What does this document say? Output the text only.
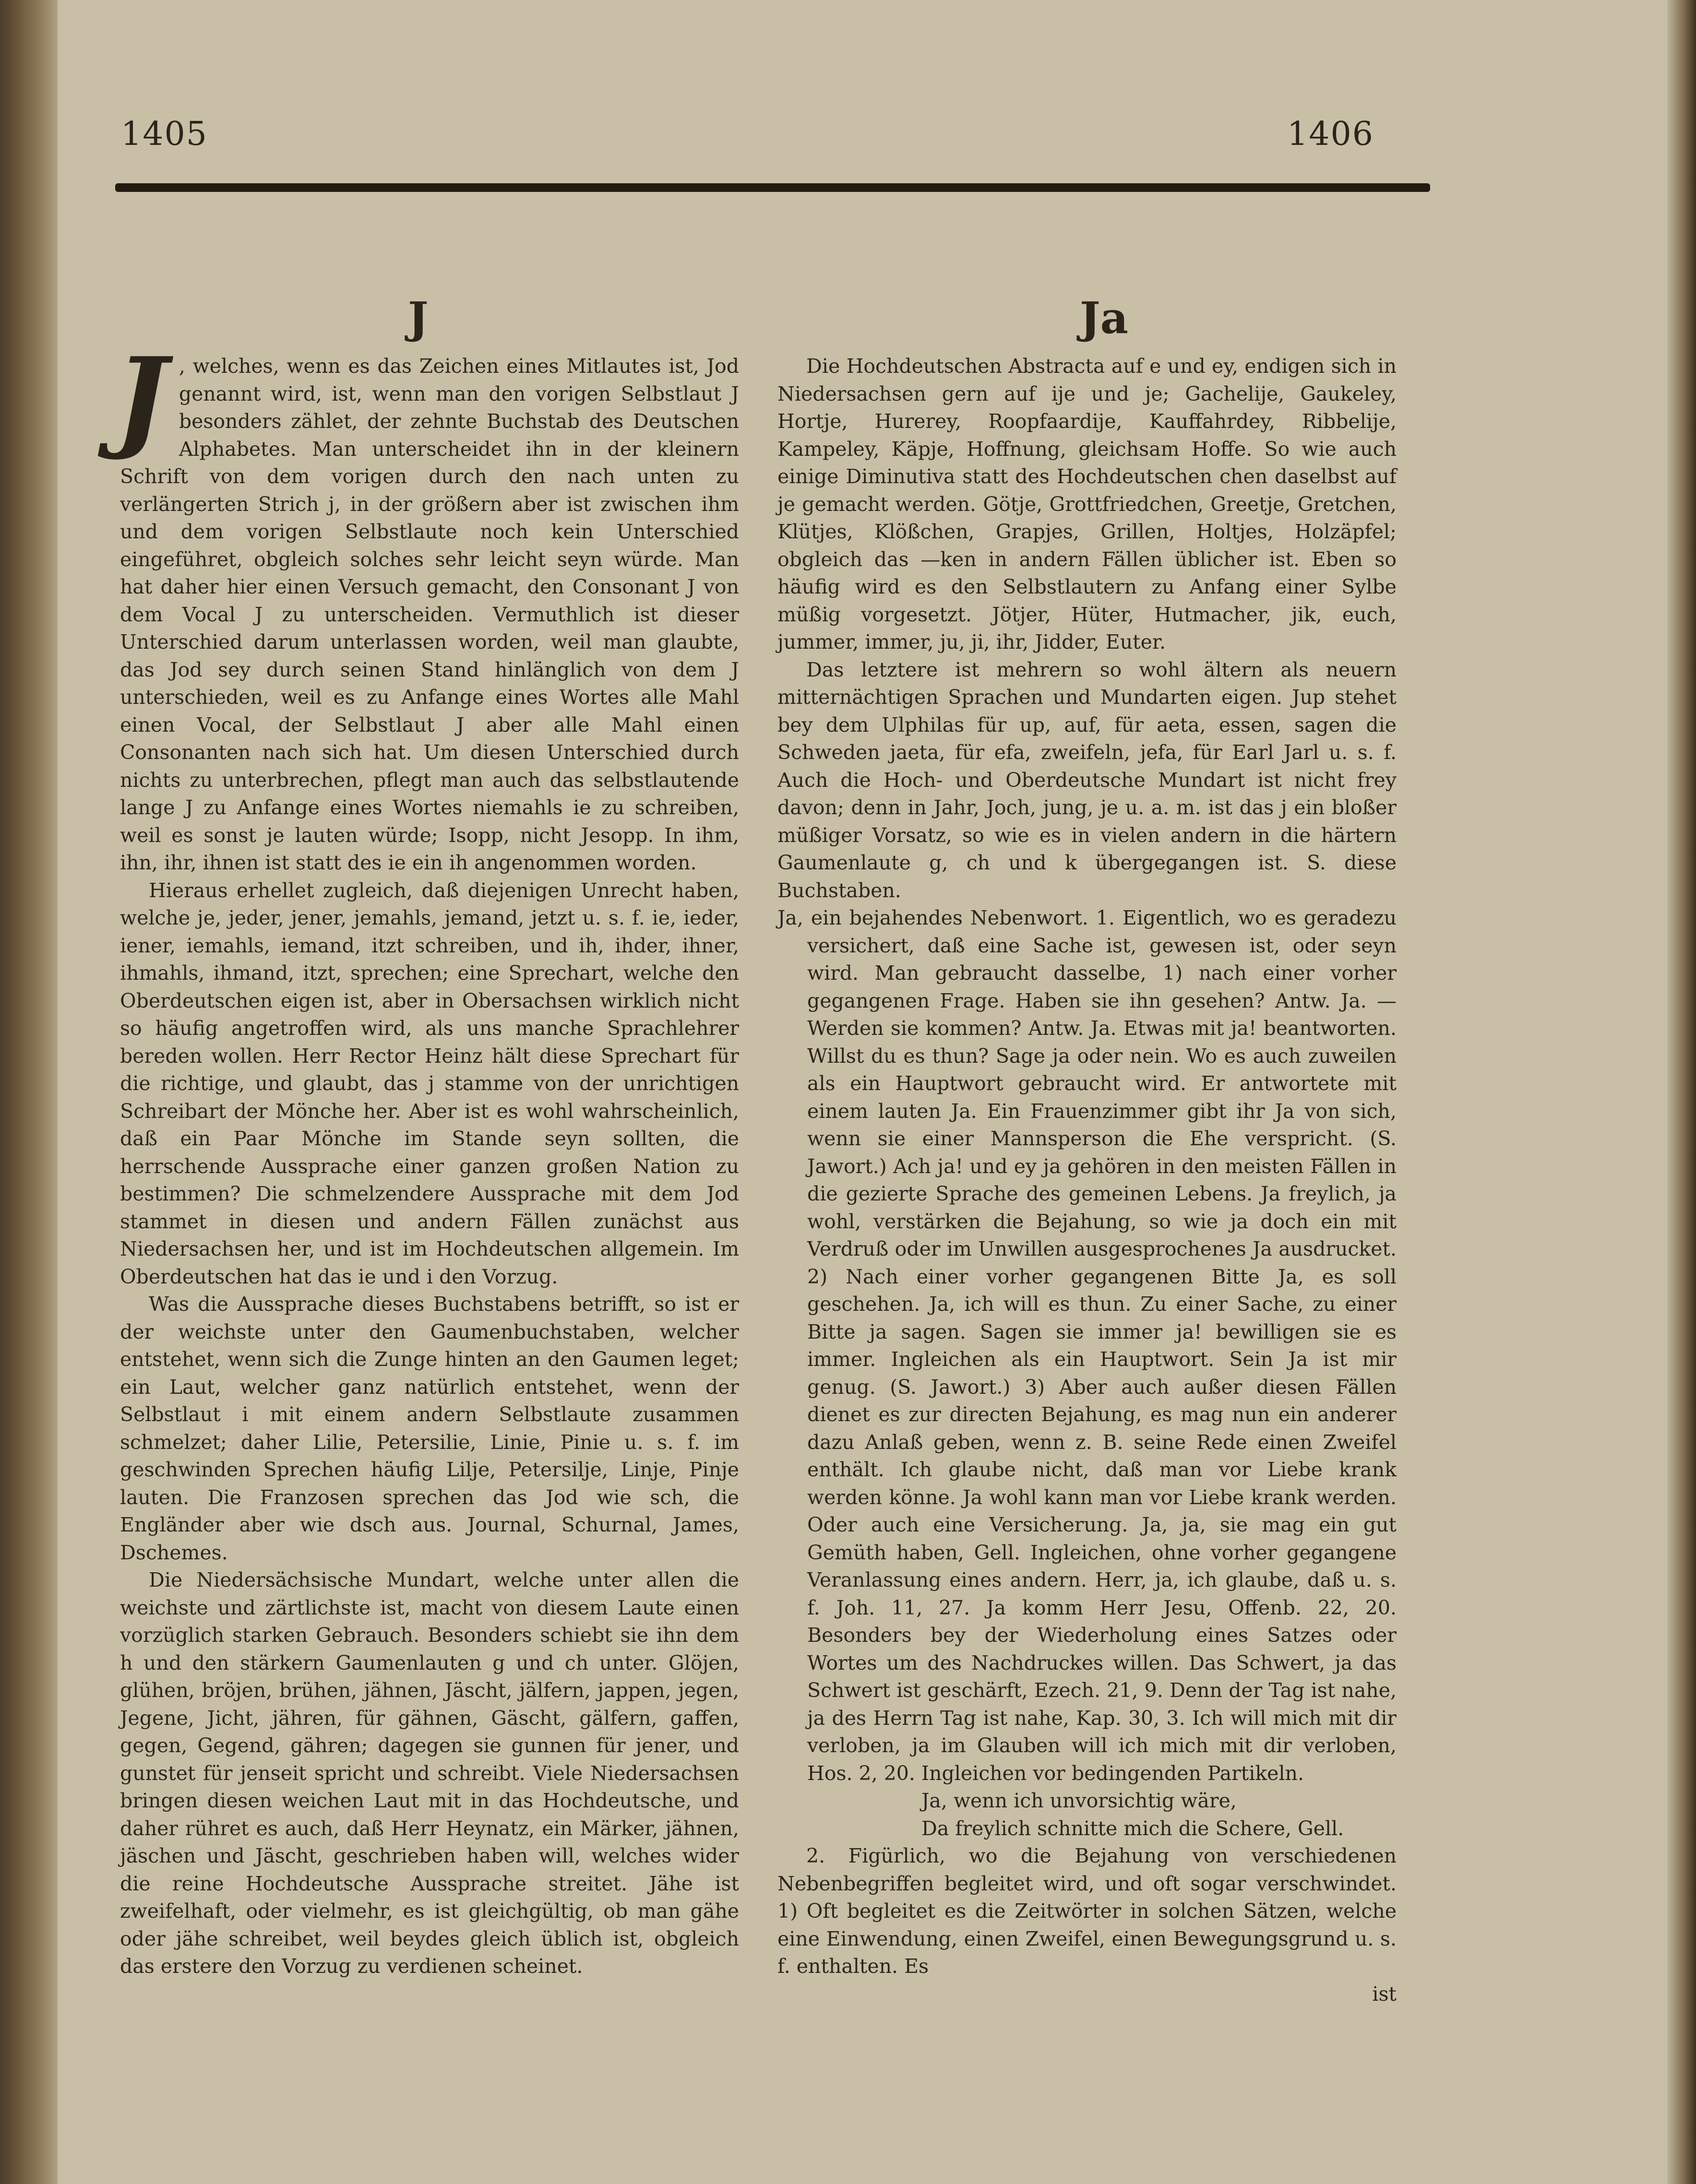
1405	1406
J	Ja

J , welches, wenn es das Zeichen eines Mitlautes ist, Jod genannt wird, ist, wenn man den vorigen Selbstlaut J besonders zählet, der zehnte Buchstab des Deutschen Alphabetes. Man unterscheidet ihn in der kleinern Schrift von dem vorigen durch den nach unten zu verlängerten Strich j, in der größern aber ist zwischen ihm und dem vorigen Selbstlaute noch kein Unterschied eingeführet, obgleich solches sehr leicht seyn würde. Man hat daher hier einen Versuch gemacht, den Consonant J von dem Vocal J zu unterscheiden. Vermuthlich ist dieser Unterschied darum unterlassen worden, weil man glaubte, das Jod sey durch seinen Stand hinlänglich von dem J unterschieden, weil es zu Anfange eines Wortes alle Mahl einen Vocal, der Selbstlaut J aber alle Mahl einen Consonanten nach sich hat. Um diesen Unterschied durch nichts zu unterbrechen, pflegt man auch das selbstlautende lange J zu Anfange eines Wortes niemahls ie zu schreiben, weil es sonst je lauten würde; Isopp, nicht Jesopp. In ihm, ihn, ihr, ihnen ist statt des ie ein ih angenommen worden.

Hieraus erhellet zugleich, daß diejenigen Unrecht haben, welche je, jeder, jener, jemahls, jemand, jetzt u. s. f. ie, ieder, iener, iemahls, iemand, itzt schreiben, und ih, ihder, ihner, ihmahls, ihmand, itzt, sprechen; eine Sprechart, welche den Oberdeutschen eigen ist, aber in Obersachsen wirklich nicht so häufig angetroffen wird, als uns manche Sprachlehrer bereden wollen. Herr Rector Heinz hält diese Sprechart für die richtige, und glaubt, das j stamme von der unrichtigen Schreibart der Mönche her. Aber ist es wohl wahrscheinlich, daß ein Paar Mönche im Stande seyn sollten, die herrschende Aussprache einer ganzen großen Nation zu bestimmen? Die schmelzendere Aussprache mit dem Jod stammet in diesen und andern Fällen zunächst aus Niedersachsen her, und ist im Hochdeutschen allgemein. Im Oberdeutschen hat das ie und i den Vorzug.

Was die Aussprache dieses Buchstabens betrifft, so ist er der weichste unter den Gaumenbuchstaben, welcher entstehet, wenn sich die Zunge hinten an den Gaumen leget; ein Laut, welcher ganz natürlich entstehet, wenn der Selbstlaut i mit einem andern Selbstlaute zusammen schmelzet; daher Lilie, Petersilie, Linie, Pinie u. s. f. im geschwinden Sprechen häufig Lilje, Petersilje, Linje, Pinje lauten. Die Franzosen sprechen das Jod wie sch, die Engländer aber wie dsch aus. Journal, Schurnal, James, Dschemes.

Die Niedersächsische Mundart, welche unter allen die weichste und zärtlichste ist, macht von diesem Laute einen vorzüglich starken Gebrauch. Besonders schiebt sie ihn dem h und den stärkern Gaumenlauten g und ch unter. Glöjen, glühen, bröjen, brühen, jähnen, Jäscht, jälfern, jappen, jegen, Jegene, Jicht, jähren, für gähnen, Gäscht, gälfern, gaffen, gegen, Gegend, gähren; dagegen sie gunnen für jener, und gunstet für jenseit spricht und schreibt. Viele Niedersachsen bringen diesen weichen Laut mit in das Hochdeutsche, und daher rühret es auch, daß Herr Heynatz, ein Märker, jähnen, jäschen und Jäscht, geschrieben haben will, welches wider die reine Hochdeutsche Aussprache streitet. Jähe ist zweifelhaft, oder vielmehr, es ist gleichgültig, ob man gähe oder jähe schreibet, weil beydes gleich üblich ist, obgleich das erstere den Vorzug zu verdienen scheinet.

Die Hochdeutschen Abstracta auf e und ey, endigen sich in Niedersachsen gern auf ije und je; Gachelije, Gaukeley, Hortje, Hurerey, Roopfaardije, Kauffahrdey, Ribbelije, Kampeley, Käpje, Hoffnung, gleichsam Hoffe. So wie auch einige Diminutiva statt des Hochdeutschen chen daselbst auf je gemacht werden. Götje, Grottfriedchen, Greetje, Gretchen, Klütjes, Klößchen, Grapjes, Grillen, Holtjes, Holzäpfel; obgleich das —ken in andern Fällen üblicher ist. Eben so häufig wird es den Selbstlautern zu Anfang einer Sylbe müßig vorgesetzt. Jötjer, Hüter, Hutmacher, jik, euch, jummer, immer, ju, ji, ihr, Jidder, Euter.

Das letztere ist mehrern so wohl ältern als neuern mitternächtigen Sprachen und Mundarten eigen. Jup stehet bey dem Ulphilas für up, auf, für aeta, essen, sagen die Schweden jaeta, für efa, zweifeln, jefa, für Earl Jarl u. s. f. Auch die Hoch- und Oberdeutsche Mundart ist nicht frey davon; denn in Jahr, Joch, jung, je u. a. m. ist das j ein bloßer müßiger Vorsatz, so wie es in vielen andern in die härtern Gaumenlaute g, ch und k übergegangen ist. S. diese Buchstaben.

Ja, ein bejahendes Nebenwort. 1. Eigentlich, wo es geradezu versichert, daß eine Sache ist, gewesen ist, oder seyn wird. Man gebraucht dasselbe, 1) nach einer vorher gegangenen Frage. Haben sie ihn gesehen? Antw. Ja. — Werden sie kommen? Antw. Ja. Etwas mit ja! beantworten. Willst du es thun? Sage ja oder nein. Wo es auch zuweilen als ein Hauptwort gebraucht wird. Er antwortete mit einem lauten Ja. Ein Frauenzimmer gibt ihr Ja von sich, wenn sie einer Mannsperson die Ehe verspricht. (S. Jawort.) Ach ja! und ey ja gehören in den meisten Fällen in die gezierte Sprache des gemeinen Lebens. Ja freylich, ja wohl, verstärken die Bejahung, so wie ja doch ein mit Verdruß oder im Unwillen ausgesprochenes Ja ausdrucket. 2) Nach einer vorher gegangenen Bitte Ja, es soll geschehen. Ja, ich will es thun. Zu einer Sache, zu einer Bitte ja sagen. Sagen sie immer ja! bewilligen sie es immer. Ingleichen als ein Hauptwort. Sein Ja ist mir genug. (S. Jawort.) 3) Aber auch außer diesen Fällen dienet es zur directen Bejahung, es mag nun ein anderer dazu Anlaß geben, wenn z. B. seine Rede einen Zweifel enthält. Ich glaube nicht, daß man vor Liebe krank werden könne. Ja wohl kann man vor Liebe krank werden. Oder auch eine Versicherung. Ja, ja, sie mag ein gut Gemüth haben, Gell. Ingleichen, ohne vorher gegangene Veranlassung eines andern. Herr, ja, ich glaube, daß u. s. f. Joh. 11, 27. Ja komm Herr Jesu, Offenb. 22, 20. Besonders bey der Wiederholung eines Satzes oder Wortes um des Nachdruckes willen. Das Schwert, ja das Schwert ist geschärft, Ezech. 21, 9. Denn der Tag ist nahe, ja des Herrn Tag ist nahe, Kap. 30, 3. Ich will mich mit dir verloben, ja im Glauben will ich mich mit dir verloben, Hos. 2, 20. Ingleichen vor bedingenden Partikeln.

Ja, wenn ich unvorsichtig wäre,

Da freylich schnitte mich die Schere, Gell.

2. Figürlich, wo die Bejahung von verschiedenen Nebenbegriffen begleitet wird, und oft sogar verschwindet. 1) Oft begleitet es die Zeitwörter in solchen Sätzen, welche eine Einwendung, einen Zweifel, einen Bewegungsgrund u. s. f. enthalten. Es

ist
